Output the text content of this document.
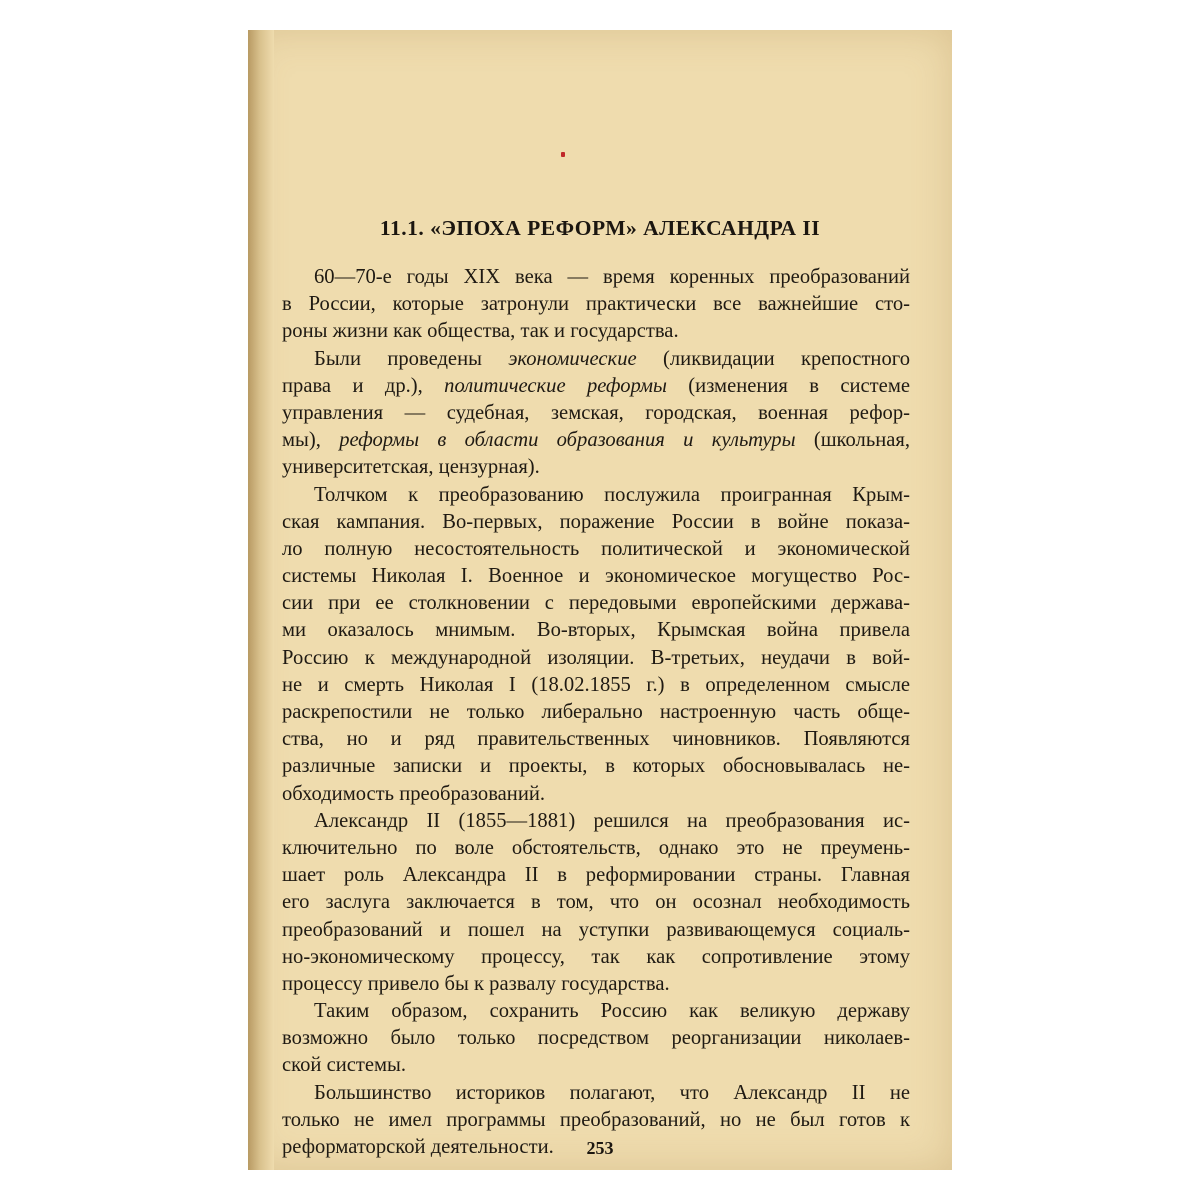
11.1. «ЭПОХА РЕФОРМ» АЛЕКСАНДРА II
60—70-е годы XIX века — время коренных преобразований
в России, которые затронули практически все важнейшие сто-
роны жизни как общества, так и государства.
Были проведены экономические (ликвидации крепостного
права и др.), политические реформы (изменения в системе
управления — судебная, земская, городская, военная рефор-
мы), реформы в области образования и культуры (школьная,
университетская, цензурная).
Толчком к преобразованию послужила проигранная Крым-
ская кампания. Во-первых, поражение России в войне показа-
ло полную несостоятельность политической и экономической
системы Николая I. Военное и экономическое могущество Рос-
сии при ее столкновении с передовыми европейскими держава-
ми оказалось мнимым. Во-вторых, Крымская война привела
Россию к международной изоляции. В-третьих, неудачи в вой-
не и смерть Николая I (18.02.1855 г.) в определенном смысле
раскрепостили не только либерально настроенную часть обще-
ства, но и ряд правительственных чиновников. Появляются
различные записки и проекты, в которых обосновывалась не-
обходимость преобразований.
Александр II (1855—1881) решился на преобразования ис-
ключительно по воле обстоятельств, однако это не преумень-
шает роль Александра II в реформировании страны. Главная
его заслуга заключается в том, что он осознал необходимость
преобразований и пошел на уступки развивающемуся социаль-
но-экономическому процессу, так как сопротивление этому
процессу привело бы к развалу государства.
Таким образом, сохранить Россию как великую державу
возможно было только посредством реорганизации николаев-
ской системы.
Большинство историков полагают, что Александр II не
только не имел программы преобразований, но не был готов к
реформаторской деятельности.	253
